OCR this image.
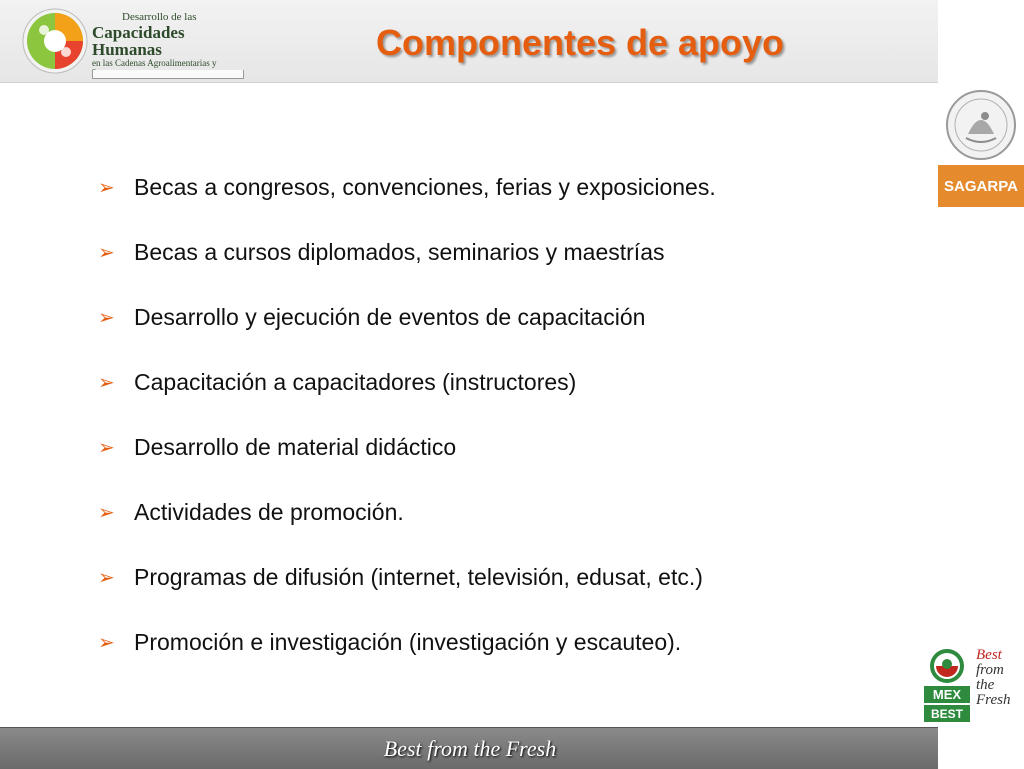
Desarrollo de las
Capacidades Humanas
en las Cadenas Agroalimentarias y
Componentes de apoyo
SAGARPA
➢ Becas a congresos, convenciones, ferias y exposiciones.
➢ Becas a cursos diplomados, seminarios y maestrías
➢ Desarrollo y ejecución de eventos de capacitación
➢ Capacitación a capacitadores (instructores)
➢ Desarrollo de material didáctico
➢ Actividades de promoción.
➢ Programas de difusión (internet, televisión, edusat, etc.)
➢ Promoción e investigación (investigación y escauteo).
MEX
BEST
Best
from
the
Fresh
Best from the Fresh
